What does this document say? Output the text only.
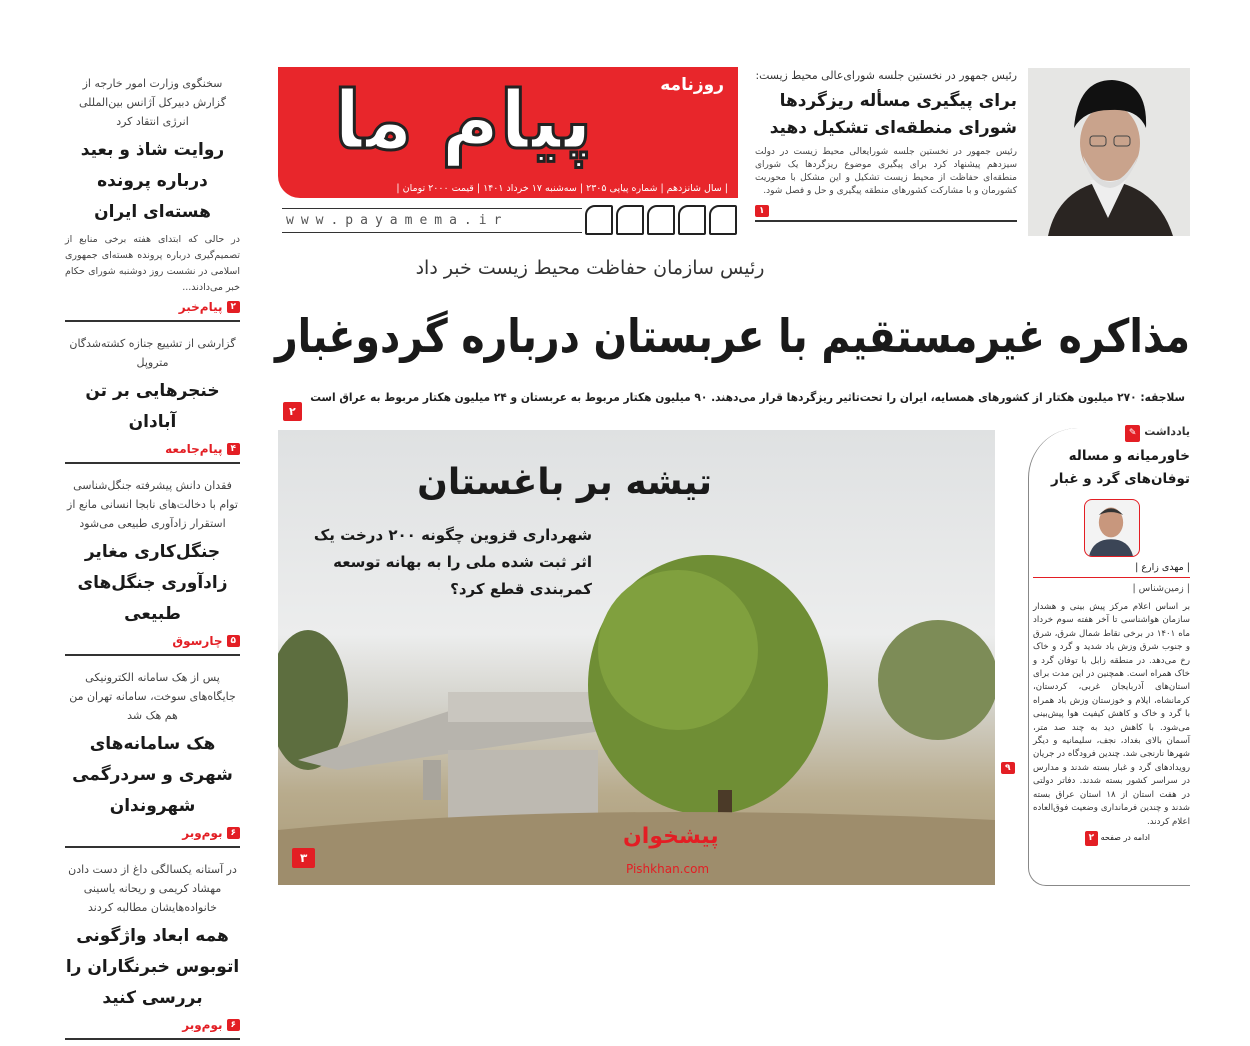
سخنگوی وزارت امور خارجه از گزارش دبیرکل آژانس بین‌المللی انرژی انتقاد کرد
روایت شاذ و بعید درباره پرونده هسته‌ای ایران
در حالی که ابتدای هفته برخی منابع از تصمیم‌گیری درباره پرونده هسته‌ای جمهوری اسلامی در نشست روز دوشنبه شورای حکام خبر می‌دادند...
۲
پیام‌خبر
گزارشی از تشییع جنازه کشته‌شدگان متروپل
خنجرهایی بر تن آبادان
۴
پیام‌جامعه
فقدان دانش پیشرفته جنگل‌شناسی توام با دخالت‌های نابجا انسانی مانع از استقرار زادآوری طبیعی می‌شود
جنگل‌کاری مغایر زادآوری جنگل‌های طبیعی
۵
چارسوق
پس از هک سامانه الکترونیکی جایگاه‌های سوخت، سامانه تهران من هم هک شد
هک سامانه‌های شهری و سردرگمی شهروندان
۶
بوم‌وبر
در آستانه یکسالگی داغ از دست دادن مهشاد کریمی و ریحانه یاسینی خانواده‌هایشان مطالبه کردند
همه ابعاد واژگونی اتوبوس خبرنگاران را بررسی کنید
۶
بوم‌وبر
پیام ما	روزنامه
| سال شانزدهم | شماره پیاپی ۲۳۰۵ | سه‌شنبه ۱۷ خرداد ۱۴۰۱ | قیمت ۲۰۰۰ تومان |
www.payamema.ir
رئیس جمهور در نخستین جلسه شورای‌عالی محیط زیست:
برای پیگیری مسأله ریزگردها شورای منطقه‌ای تشکیل دهید
رئیس جمهور در نخستین جلسه شورایعالی محیط زیست در دولت سیزدهم پیشنهاد کرد برای پیگیری موضوع ریزگردها یک شورای منطقه‌ای حفاظت از محیط زیست تشکیل و این مشکل با محوریت کشورمان و با مشارکت کشورهای منطقه پیگیری و حل و فصل شود.
۱
رئیس سازمان حفاظت محیط زیست خبر داد
مذاکره غیرمستقیم با عربستان درباره گردوغبار
سلاجقه: ۲۷۰ میلیون هکتار از کشورهای همسایه، ایران را تحت‌تاثیر ریزگردها قرار می‌دهند. ۹۰ میلیون هکتار مربوط به عربستان و ۲۴ میلیون هکتار مربوط به عراق است
۲
تیشه بر باغستان
شهرداری قزوین چگونه ۲۰۰ درخت یک اثر ثبت شده ملی را به بهانه توسعه کمربندی قطع کرد؟
۳
پیشخوان
Pishkhan.com
۹
یادداشت ✎
خاورمیانه و مساله توفان‌های گرد و غبار
| مهدی زارع |
| زمین‌شناس |
بر اساس اعلام مرکز پیش بینی و هشدار سازمان هواشناسی تا آخر هفته سوم خرداد ماه ۱۴۰۱ در برخی نقاط شمال شرق، شرق و جنوب شرق وزش باد شدید و گرد و خاک رخ می‌دهد. در منطقه زابل با توفان گرد و خاک همراه است. همچنین در این مدت برای استان‌های آذربایجان غربی، کردستان، کرمانشاه، ایلام و خوزستان وزش باد همراه با گرد و خاک و کاهش کیفیت هوا پیش‌بینی می‌شود. با کاهش دید به چند صد متر، آسمان بالای بغداد، نجف، سلیمانیه و دیگر شهرها نارنجی شد. چندین فرودگاه در جریان رویدادهای گرد و غبار بسته شدند و مدارس در سراسر کشور بسته شدند. دفاتر دولتی در هفت استان از ۱۸ استان عراق بسته شدند و چندین فرمانداری وضعیت فوق‌العاده اعلام کردند.
ادامه در صفحه ۲
